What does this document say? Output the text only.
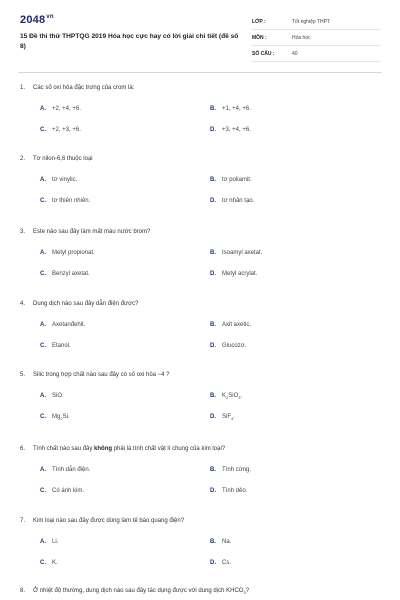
$2048^{vn}$
15 Đề thi thử THPTQG 2019 Hóa học cực hay có lời giải chi tiết (đề số 8)
LỚP :	Tốt nghiệp THPT
MÔN :	Hóa học
SỐ CÂU :	40
1. Các số oxi hóa đặc trưng của crom là:
A. +2, +4, +6.	B. +1, +4, +6.
C. +2, +3, +6.	D. +3, +4, +6.
2. Tơ nilon-6,6 thuộc loại
A. tơ vinylic.	B. tơ poliamit.
C. tơ thiên nhiên.	D. tơ nhân tạo.
3. Este nào sau đây làm mất màu nước brom?
A. Metyl propionat.	B. Isoamyl axetat.
C. Benzyl axetat.	D. Metyl acrylat.
4. Dung dịch nào sau đây dẫn điện được?
A. Axetanđehit.	B. Axit axetic.
C. Etanol.	D. Glucozơ.
5. Silic trong hợp chất nào sau đây có số oxi hóa −4 ?
A. SiO.	B. $K_2SiO_3$.
C. $Mg_2Si$.	D. SiF$_4$.
6. Tính chất nào sau đây không phải là tính chất vật lí chung của kim loại?
A. Tính dẫn điện.	B. Tính cứng.
C. Có ánh kim.	D. Tính dẻo.
7. Kim loại nào sau đây được dùng làm tế bào quang điện?
A. Li.	B. Na.
C. K.	D. Cs.
8. Ở nhiệt độ thường, dung dịch nào sau đây tác dụng được với dung dịch $KHCO_3$?
